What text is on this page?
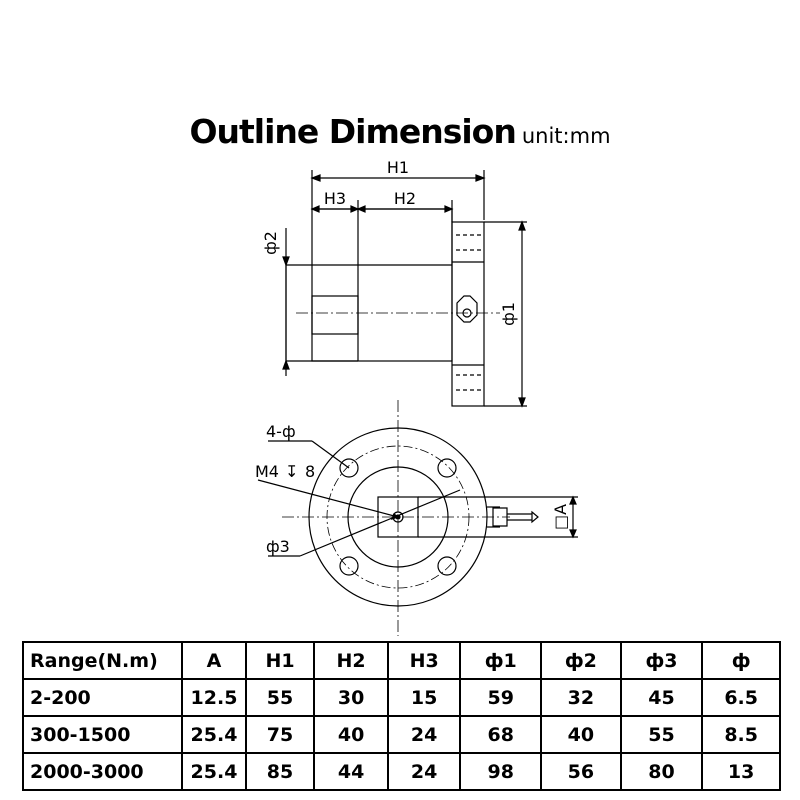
Outline Dimension unit:mm
H1
H3	H2
ф2
ф1
4-ф
M4 ↧ 8
ф3
□A
Range(N.m)	A	H1	H2	H3	ф1	ф2	ф3	ф
2-200	12.5	55	30	15	59	32	45	6.5
300-1500	25.4	75	40	24	68	40	55	8.5
2000-3000	25.4	85	44	24	98	56	80	13
